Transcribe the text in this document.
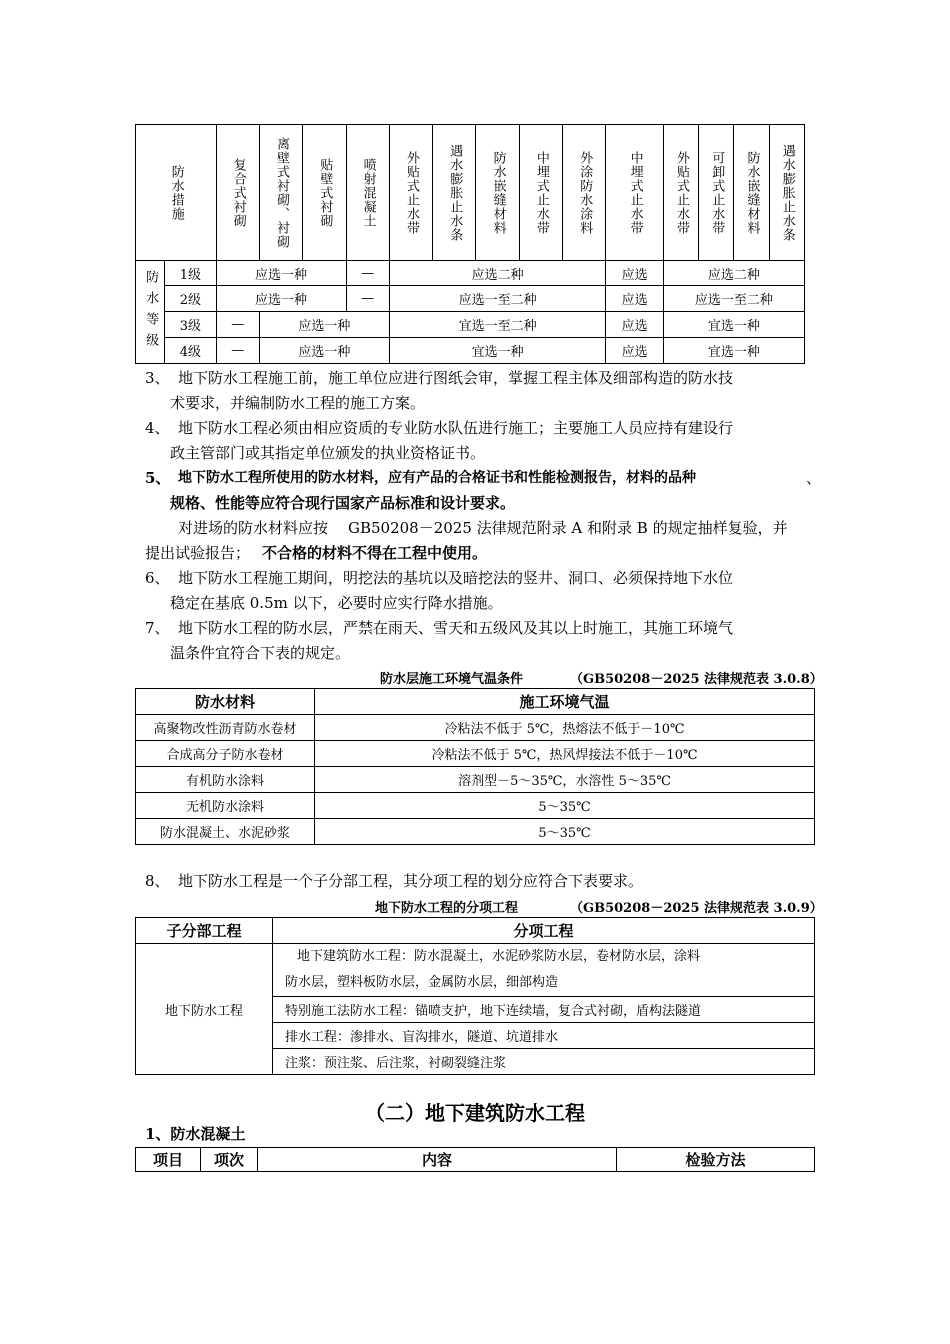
防水措施		复合式衬砌	离壁式衬砌、衬砌	贴壁式衬砌	喷射混凝土	外贴式止水带	遇水膨胀止水条	防水嵌缝材料	中埋式止水带	外涂防水涂料	中埋式止水带	外贴式止水带	可卸式止水带	防水嵌缝材料	遇水膨胀止水条

防水等级	1级	应选一种			—	应选二种					应选	应选二种			
	2级	应选一种			—	应选一至二种					应选	应选一至二种			
	3级	—	应选一种			宜选一至二种					应选	宜选一种			
	4级	—	应选一种			宜选一种					应选	宜选一种			
3、 地下防水工程施工前，施工单位应进行图纸会审，掌握工程主体及细部构造的防水技
术要求，并编制防水工程的施工方案。
4、 地下防水工程必须由相应资质的专业防水队伍进行施工；主要施工人员应持有建设行
政主管部门或其指定单位颁发的执业资格证书。
5、 地下防水工程所使用的防水材料，应有产品的合格证书和性能检测报告，材料的品种	、
规格、性能等应符合现行国家产品标准和设计要求。
对进场的防水材料应按 GB50208－2025 法律规范附录 A 和附录 B 的规定抽样复验，并
提出试验报告； 不合格的材料不得在工程中使用。
6、 地下防水工程施工期间，明挖法的基坑以及暗挖法的竖井、洞口、必须保持地下水位
稳定在基底 0.5m 以下，必要时应实行降水措施。
7、 地下防水工程的防水层，严禁在雨天、雪天和五级风及其以上时施工，其施工环境气
温条件宜符合下表的规定。
防水层施工环境气温条件	（GB50208－2025 法律规范表 3.0.8）
防水材料	施工环境气温
高聚物改性沥青防水卷材	冷粘法不低于 5℃，热熔法不低于－10℃
合成高分子防水卷材	冷粘法不低于 5℃，热风焊接法不低于－10℃
有机防水涂料	溶剂型－5～35℃，水溶性 5～35℃
无机防水涂料	5～35℃
防水混凝土、水泥砂浆	5～35℃
8、 地下防水工程是一个子分部工程，其分项工程的划分应符合下表要求。
地下防水工程的分项工程	（GB50208－2025 法律规范表 3.0.9）
子分部工程	分项工程
地下防水工程	地下建筑防水工程：防水混凝土，水泥砂浆防水层，卷材防水层，涂料
防水层，塑料板防水层，金属防水层，细部构造

	特别施工法防水工程：锚喷支护，地下连续墙，复合式衬砌，盾构法隧道
	排水工程：渗排水、盲沟排水，隧道、坑道排水
	注浆：预注浆、后注浆，衬砌裂缝注浆
（二）地下建筑防水工程
1、防水混凝土
项目	项次	内容	检验方法
